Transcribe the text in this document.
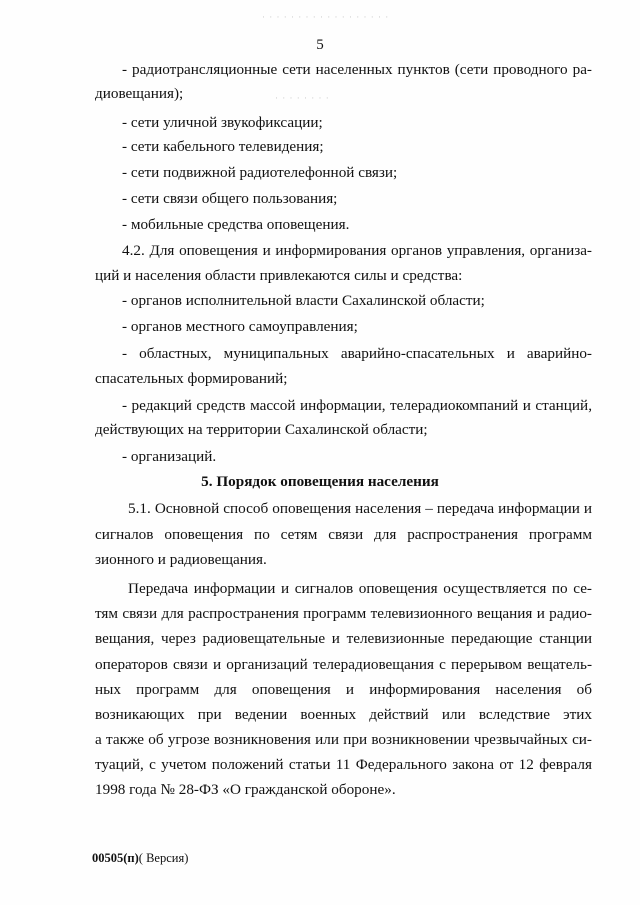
· · · · · · · · · · · · · · · · · ·
· · · · · · · ·
5
- радиотрансляционные сети населенных пунктов (сети проводного ра-
диовещания);
- сети уличной звукофиксации;
- сети кабельного телевидения;
- сети подвижной радиотелефонной связи;
- сети связи общего пользования;
- мобильные средства оповещения.
4.2. Для оповещения и информирования органов управления, организа-
ций и населения области привлекаются силы и средства:
- органов исполнительной власти Сахалинской области;
- органов местного самоуправления;
- областных, муниципальных аварийно-спасательных и аварийно-
спасательных формирований;
- редакций средств массой информации, телерадиокомпаний и станций,
действующих на территории Сахалинской области;
- организаций.
5. Порядок оповещения населения
5.1. Основной способ оповещения населения – передача информации и
сигналов оповещения по сетям связи для распространения программ
зионного и радиовещания.
Передача информации и сигналов оповещения осуществляется по се-
тям связи для распространения программ телевизионного вещания и радио-
вещания, через радиовещательные и телевизионные передающие станции
операторов связи и организаций телерадиовещания с перерывом вещатель-
ных программ для оповещения и информирования населения об
возникающих при ведении военных действий или вследствие этих
а также об угрозе возникновения или при возникновении чрезвычайных си-
туаций, с учетом положений статьи 11 Федерального закона от 12 февраля
1998 года № 28-ФЗ «О гражданской обороне».
00505(п)( Версия)
